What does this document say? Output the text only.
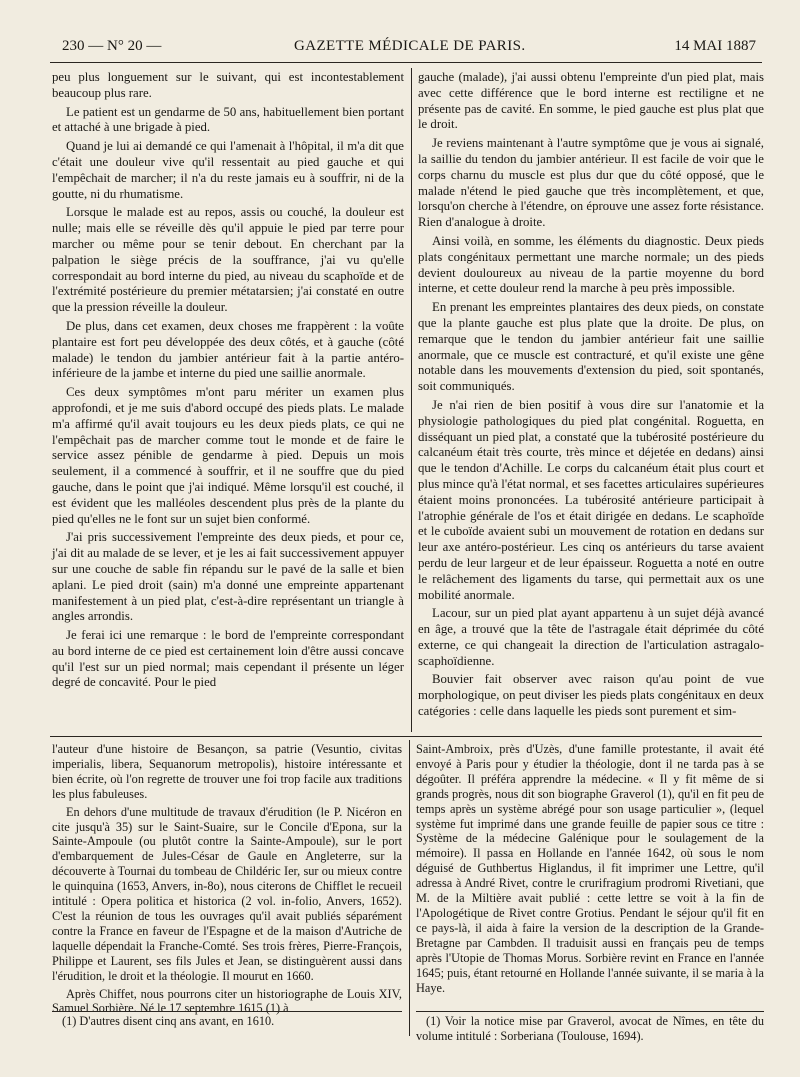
230 — N° 20 —	GAZETTE MÉDICALE DE PARIS.	14 MAI 1887

peu plus longuement sur le suivant, qui est incontestablement beaucoup plus rare.

Le patient est un gendarme de 50 ans, habituellement bien portant et attaché à une brigade à pied.

Quand je lui ai demandé ce qui l'amenait à l'hôpital, il m'a dit que c'était une douleur vive qu'il ressentait au pied gauche et qui l'empêchait de marcher; il n'a du reste jamais eu à souffrir, ni de la goutte, ni du rhumatisme.

Lorsque le malade est au repos, assis ou couché, la douleur est nulle; mais elle se réveille dès qu'il appuie le pied par terre pour marcher ou même pour se tenir debout. En cherchant par la palpation le siège précis de la souffrance, j'ai vu qu'elle correspondait au bord interne du pied, au niveau du scaphoïde et de l'extrémité postérieure du premier métatarsien; j'ai constaté en outre que la pression réveille la douleur.

De plus, dans cet examen, deux choses me frappèrent : la voûte plantaire est fort peu développée des deux côtés, et à gauche (côté malade) le tendon du jambier antérieur fait à la partie antéro-inférieure de la jambe et interne du pied une saillie anormale.

Ces deux symptômes m'ont paru mériter un examen plus approfondi, et je me suis d'abord occupé des pieds plats. Le malade m'a affirmé qu'il avait toujours eu les deux pieds plats, ce qui ne l'empêchait pas de marcher comme tout le monde et de faire le service assez pénible de gendarme à pied. Depuis un mois seulement, il a commencé à souffrir, et il ne souffre que du pied gauche, dans le point que j'ai indiqué. Même lorsqu'il est couché, il est évident que les malléoles descendent plus près de la plante du pied qu'elles ne le font sur un sujet bien conformé.

J'ai pris successivement l'empreinte des deux pieds, et pour ce, j'ai dit au malade de se lever, et je les ai fait successivement appuyer sur une couche de sable fin répandu sur le pavé de la salle et bien aplani. Le pied droit (sain) m'a donné une empreinte appartenant manifestement à un pied plat, c'est-à-dire représentant un triangle à angles arrondis.

Je ferai ici une remarque : le bord de l'empreinte correspondant au bord interne de ce pied est certainement loin d'être aussi concave qu'il l'est sur un pied normal; mais cependant il présente un léger degré de concavité. Pour le pied

gauche (malade), j'ai aussi obtenu l'empreinte d'un pied plat, mais avec cette différence que le bord interne est rectiligne et ne présente pas de cavité. En somme, le pied gauche est plus plat que le droit.

Je reviens maintenant à l'autre symptôme que je vous ai signalé, la saillie du tendon du jambier antérieur. Il est facile de voir que le corps charnu du muscle est plus dur que du côté opposé, que le malade n'étend le pied gauche que très incomplètement, et que, lorsqu'on cherche à l'étendre, on éprouve une assez forte résistance. Rien d'analogue à droite.

Ainsi voilà, en somme, les éléments du diagnostic. Deux pieds plats congénitaux permettant une marche normale; un des pieds devient douloureux au niveau de la partie moyenne du bord interne, et cette douleur rend la marche à peu près impossible.

En prenant les empreintes plantaires des deux pieds, on constate que la plante gauche est plus plate que la droite. De plus, on remarque que le tendon du jambier antérieur fait une saillie anormale, que ce muscle est contracturé, et qu'il existe une gêne notable dans les mouvements d'extension du pied, soit spontanés, soit communiqués.

Je n'ai rien de bien positif à vous dire sur l'anatomie et la physiologie pathologiques du pied plat congénital. Roguetta, en disséquant un pied plat, a constaté que la tubérosité postérieure du calcanéum était très courte, très mince et déjetée en dedans) ainsi que le tendon d'Achille. Le corps du calcanéum était plus court et plus mince qu'à l'état normal, et ses facettes articulaires supérieures étaient moins prononcées. La tubérosité antérieure participait à l'atrophie générale de l'os et était dirigée en dedans. Le scaphoïde et le cuboïde avaient subi un mouvement de rotation en dedans sur leur axe antéro-postérieur. Les cinq os antérieurs du tarse avaient perdu de leur largeur et de leur épaisseur. Roguetta a noté en outre le relâchement des ligaments du tarse, qui permettait aux os une mobilité anormale.

Lacour, sur un pied plat ayant appartenu à un sujet déjà avancé en âge, a trouvé que la tête de l'astragale était déprimée du côté externe, ce qui changeait la direction de l'articulation astragalo-scaphoïdienne.

Bouvier fait observer avec raison qu'au point de vue morphologique, on peut diviser les pieds plats congénitaux en deux catégories : celle dans laquelle les pieds sont purement et sim-

l'auteur d'une histoire de Besançon, sa patrie (Vesuntio, civitas imperialis, libera, Sequanorum metropolis), histoire intéressante et bien écrite, où l'on regrette de trouver une foi trop facile aux traditions les plus fabuleuses.

En dehors d'une multitude de travaux d'érudition (le P. Nicéron en cite jusqu'à 35) sur le Saint-Suaire, sur le Concile d'Epona, sur la Sainte-Ampoule (ou plutôt contre la Sainte-Ampoule), sur le port d'embarquement de Jules-César de Gaule en Angleterre, sur la découverte à Tournai du tombeau de Childéric Ier, sur ou mieux contre le quinquina (1653, Anvers, in-8o), nous citerons de Chifflet le recueil intitulé : Opera politica et historica (2 vol. in-folio, Anvers, 1652). C'est la réunion de tous les ouvrages qu'il avait publiés séparément contre la France en faveur de l'Espagne et de la maison d'Autriche de laquelle dépendait la Franche-Comté. Ses trois frères, Pierre-François, Philippe et Laurent, ses fils Jules et Jean, se distinguèrent aussi dans l'érudition, le droit et la théologie. Il mourut en 1660.

Après Chiffet, nous pourrons citer un historiographe de Louis XIV, Samuel Sorbière. Né le 17 septembre 1615 (1) à

(1) D'autres disent cinq ans avant, en 1610.

Saint-Ambroix, près d'Uzès, d'une famille protestante, il avait été envoyé à Paris pour y étudier la théologie, dont il ne tarda pas à se dégoûter. Il préféra apprendre la médecine. « Il y fit même de si grands progrès, nous dit son biographe Graverol (1), qu'il en fit peu de temps après un système abrégé pour son usage particulier », (lequel système fut imprimé dans une grande feuille de papier sous ce titre : Système de la médecine Galénique pour le soulagement de la mémoire). Il passa en Hollande en l'année 1642, où sous le nom déguisé de Guthbertus Higlandus, il fit imprimer une Lettre, qu'il adressa à André Rivet, contre le crurifragium prodromi Rivetiani, que M. de la Miltière avait publié : cette lettre se voit à la fin de l'Apologétique de Rivet contre Grotius. Pendant le séjour qu'il fit en ce pays-là, il aida à faire la version de la description de la Grande-Bretagne par Cambden. Il traduisit aussi en français peu de temps après l'Utopie de Thomas Morus. Sorbière revint en France en l'année 1645; puis, étant retourné en Hollande l'année suivante, il se maria à la Haye.

(1) Voir la notice mise par Graverol, avocat de Nîmes, en tête du volume intitulé : Sorberiana (Toulouse, 1694).
